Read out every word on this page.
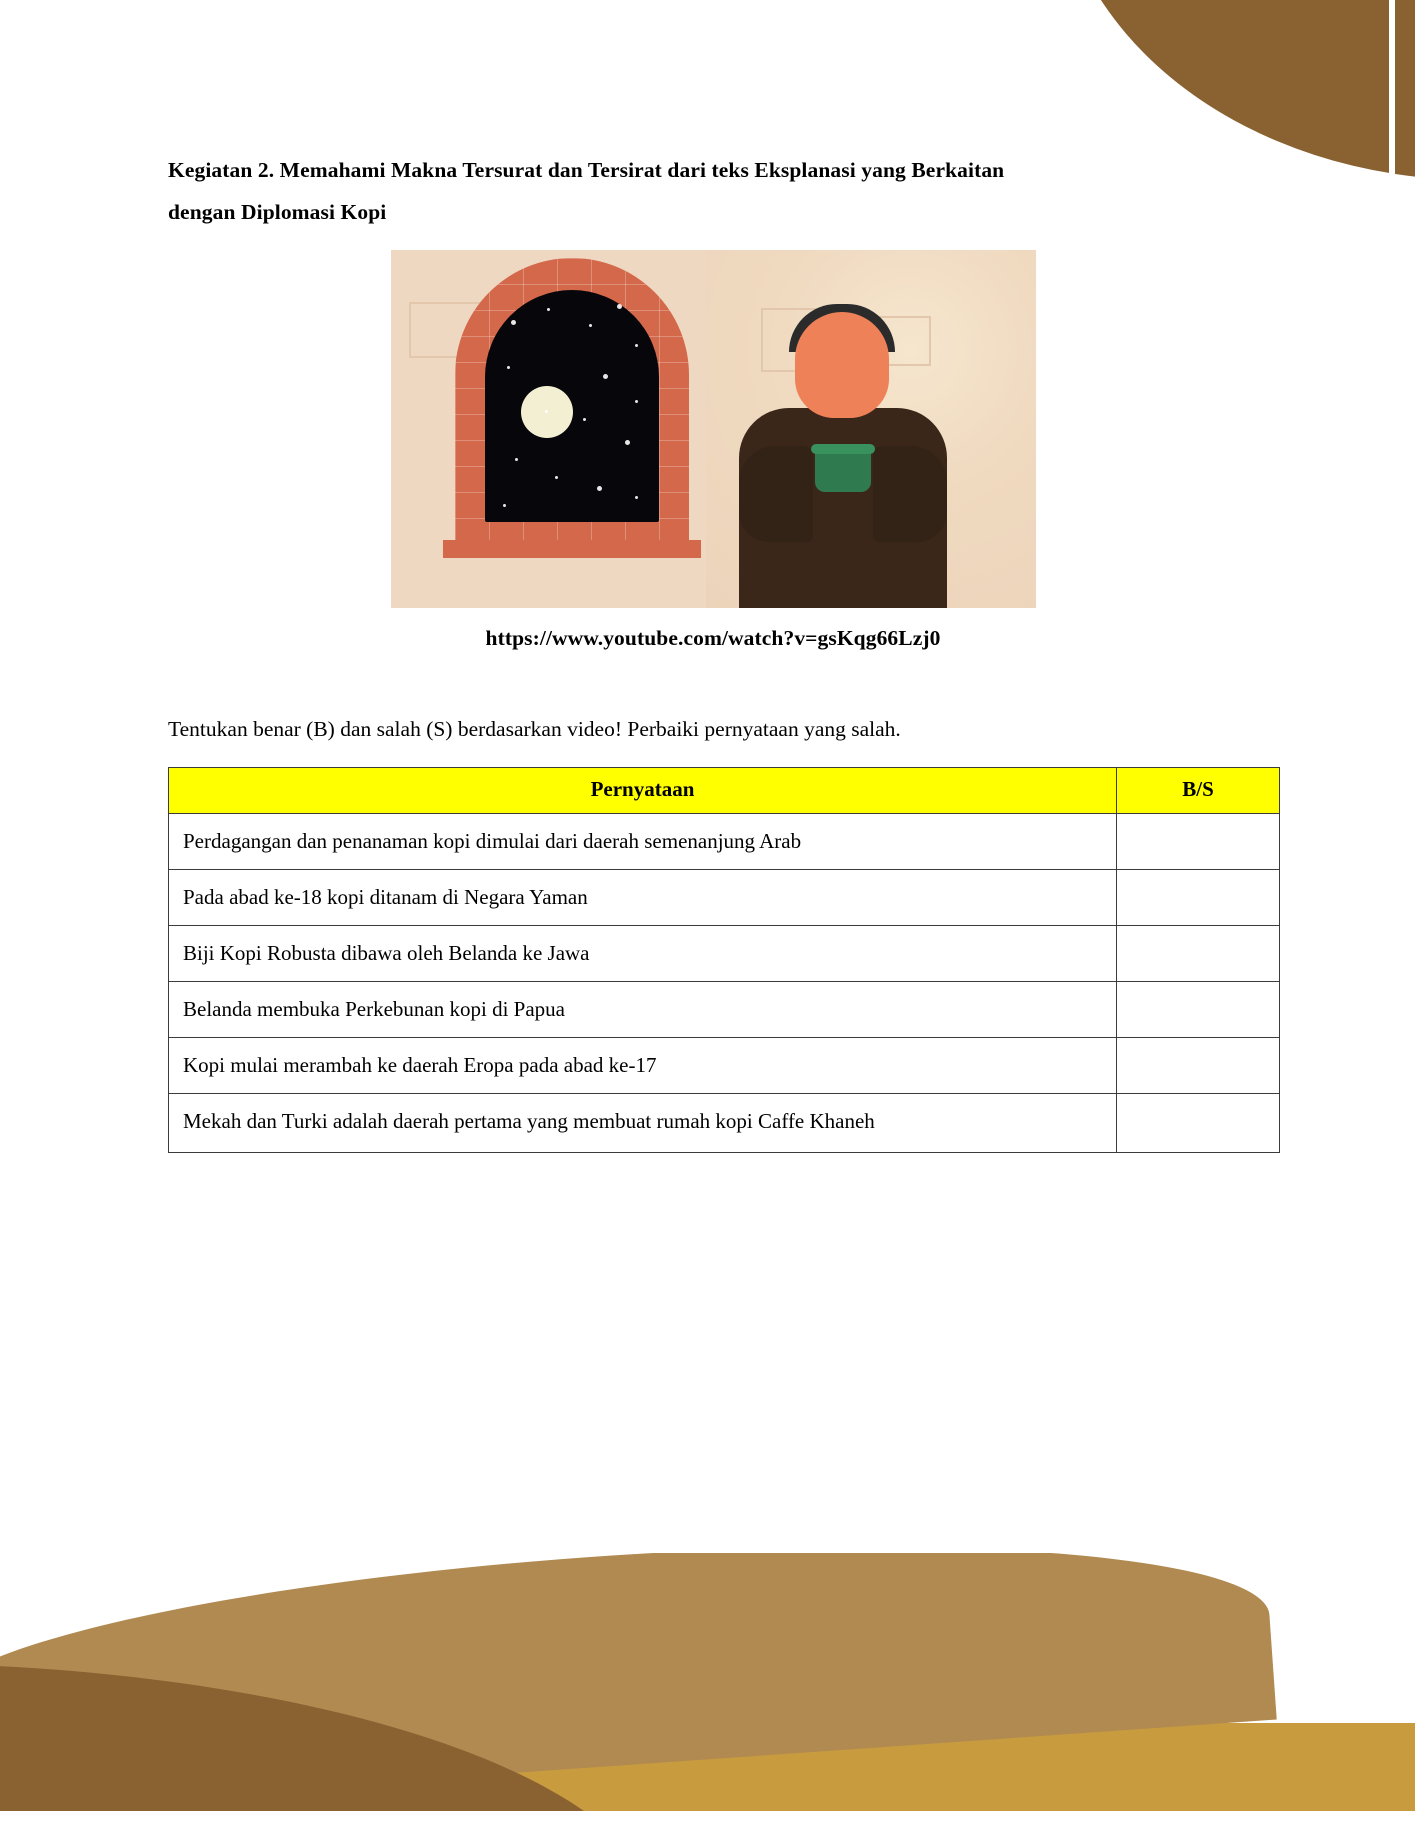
Kegiatan 2. Memahami Makna Tersurat dan Tersirat dari teks Eksplanasi yang Berkaitan
dengan Diplomasi Kopi
https://www.youtube.com/watch?v=gsKqg66Lzj0

Tentukan benar (B) dan salah (S) berdasarkan video! Perbaiki pernyataan yang salah.

Pernyataan	B/S
Perdagangan dan penanaman kopi dimulai dari daerah semenanjung Arab	
Pada abad ke-18 kopi ditanam di Negara Yaman	
Biji Kopi Robusta dibawa oleh Belanda ke Jawa	
Belanda membuka Perkebunan kopi di Papua	
Kopi mulai merambah ke daerah Eropa pada abad ke-17	
Mekah dan Turki adalah daerah pertama yang membuat rumah kopi Caffe Khaneh	
